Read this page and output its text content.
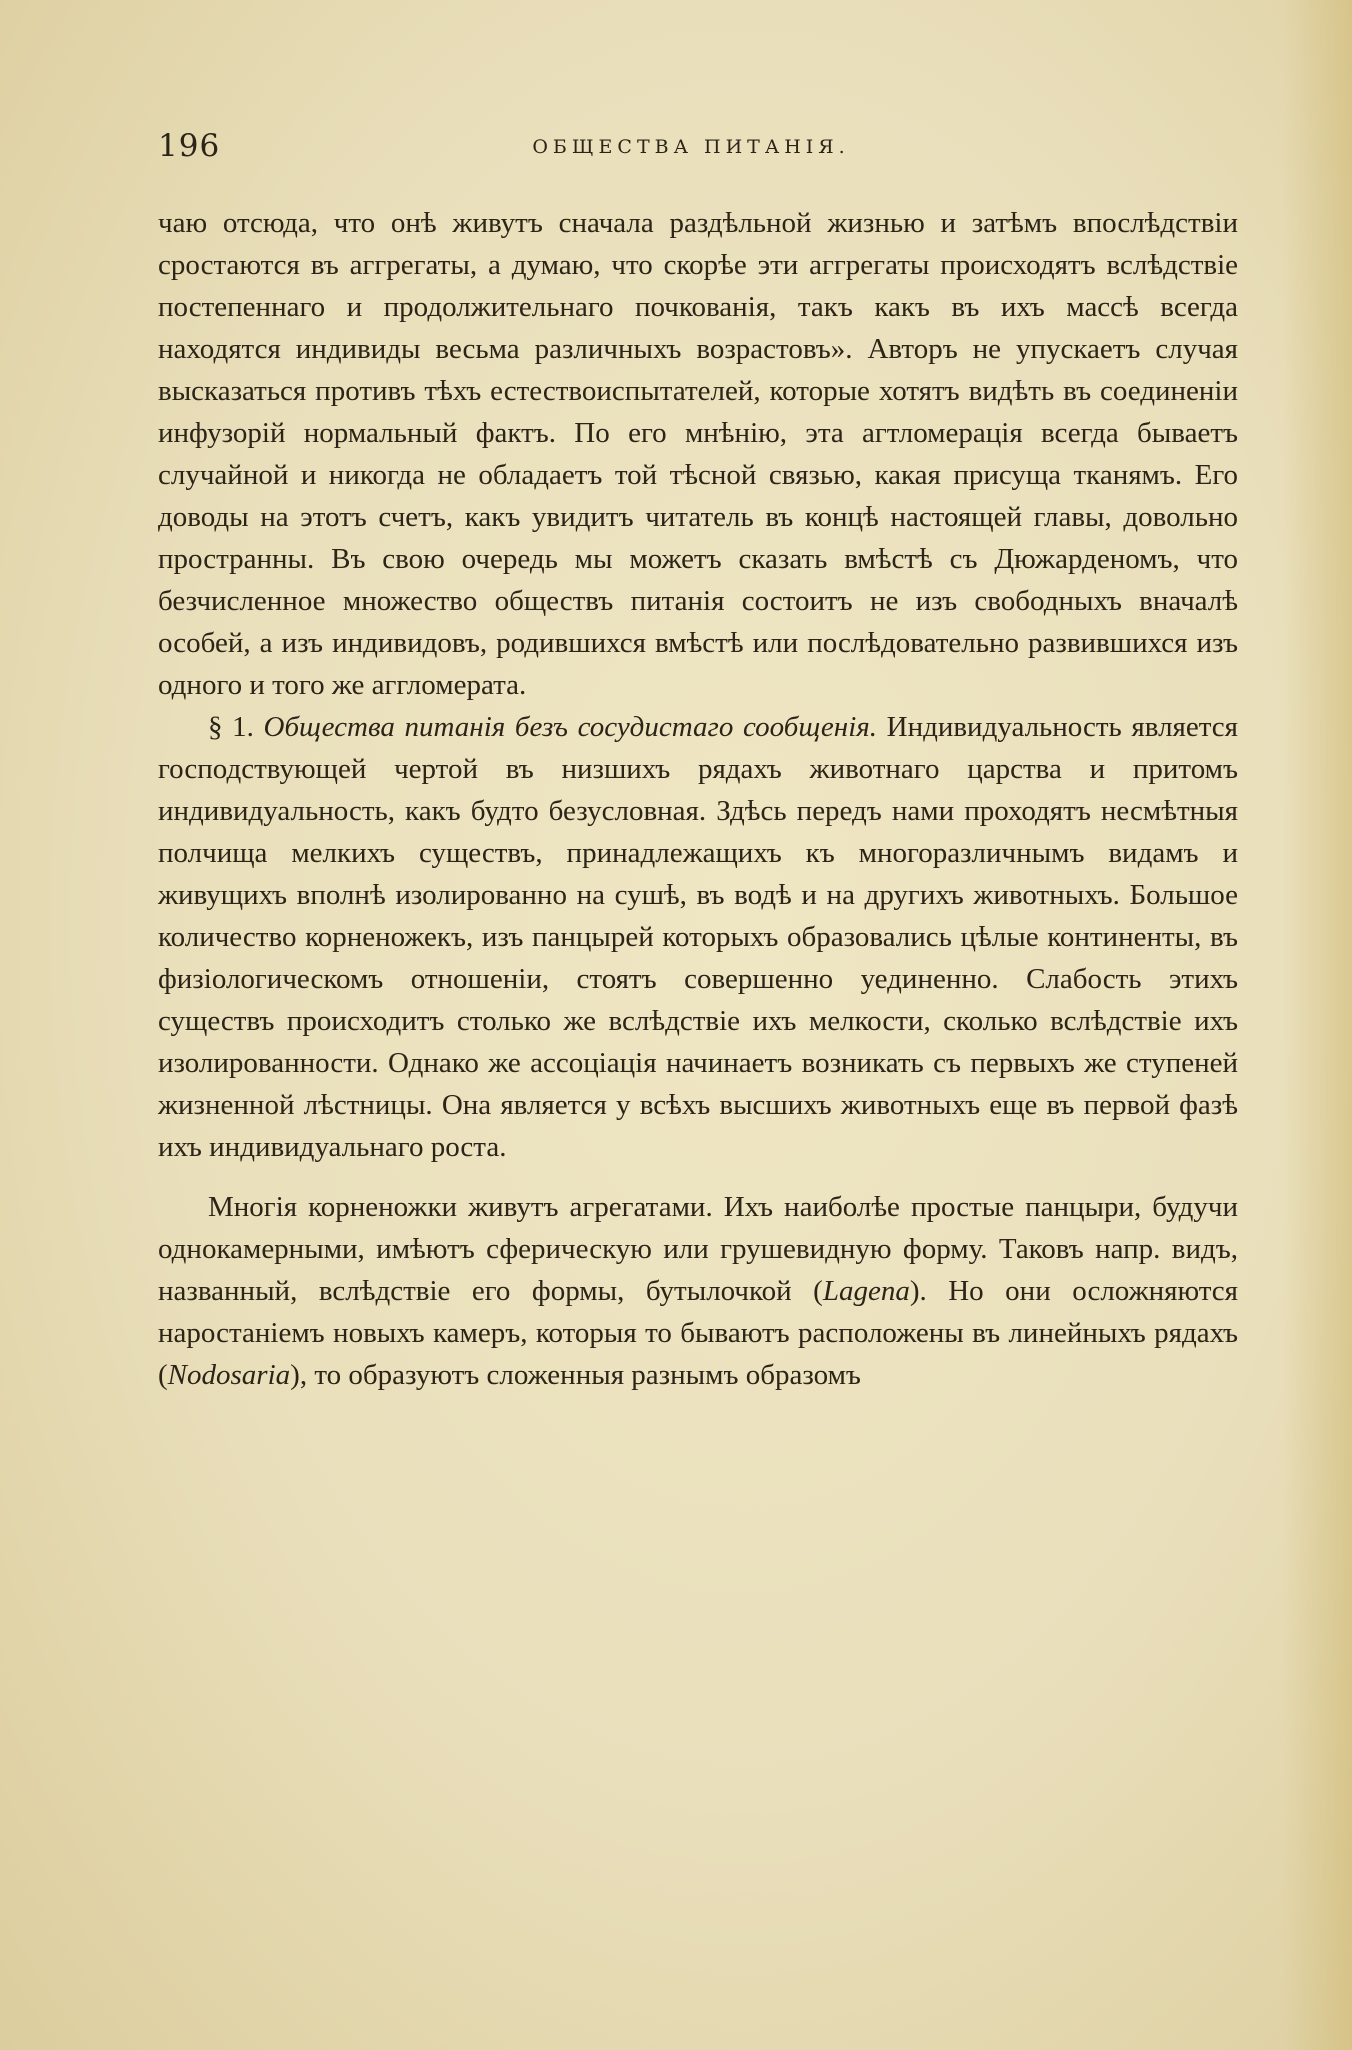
196	ОБЩЕСТВА ПИТАНІЯ.

чаю отсюда, что онѣ живутъ сначала раздѣльной жизнью и затѣмъ впослѣдствіи сростаются въ аггрегаты, а думаю, что скорѣе эти аггрегаты происходятъ вслѣдствіе постепеннаго и продолжительнаго почкованія, такъ какъ въ ихъ массѣ всегда находятся индивиды весьма различныхъ возрастовъ». Авторъ не упускаетъ случая высказаться противъ тѣхъ естествоиспытателей, которые хотятъ видѣть въ соединеніи инфузорій нормальный фактъ. По его мнѣнію, эта агтломерація всегда бываетъ случайной и никогда не обладаетъ той тѣсной связью, какая присуща тканямъ. Его доводы на этотъ счетъ, какъ увидитъ читатель въ концѣ настоящей главы, довольно пространны. Въ свою очередь мы можетъ сказать вмѣстѣ съ Дюжарденомъ, что безчисленное множество обществъ питанія состоитъ не изъ свободныхъ вначалѣ особей, а изъ индивидовъ, родившихся вмѣстѣ или послѣдовательно развившихся изъ одного и того же аггломерата.

§ 1. Общества питанія безъ сосудистаго сообщенія. Индивидуальность является господствующей чертой въ низшихъ рядахъ животнаго царства и притомъ индивидуальность, какъ будто безусловная. Здѣсь передъ нами проходятъ несмѣтныя полчища мелкихъ существъ, принадлежащихъ къ многоразличнымъ видамъ и живущихъ вполнѣ изолированно на сушѣ, въ водѣ и на другихъ животныхъ. Большое количество корненожекъ, изъ панцырей которыхъ образовались цѣлые континенты, въ физіологическомъ отношеніи, стоятъ совершенно уединенно. Слабость этихъ существъ происходитъ столько же вслѣдствіе ихъ мелкости, сколько вслѣдствіе ихъ изолированности. Однако же ассоціація начинаетъ возникать съ первыхъ же ступеней жизненной лѣстницы. Она является у всѣхъ высшихъ животныхъ еще въ первой фазѣ ихъ индивидуальнаго роста.

Многія корненожки живутъ агрегатами. Ихъ наиболѣе простые панцыри, будучи однокамерными, имѣютъ сферическую или грушевидную форму. Таковъ напр. видъ, названный, вслѣдствіе его формы, бутылочкой (Lagena). Но они осложняются наростаніемъ новыхъ камеръ, которыя то бываютъ расположены въ линейныхъ рядахъ (Nodosaria), то образуютъ сложенныя разнымъ образомъ
